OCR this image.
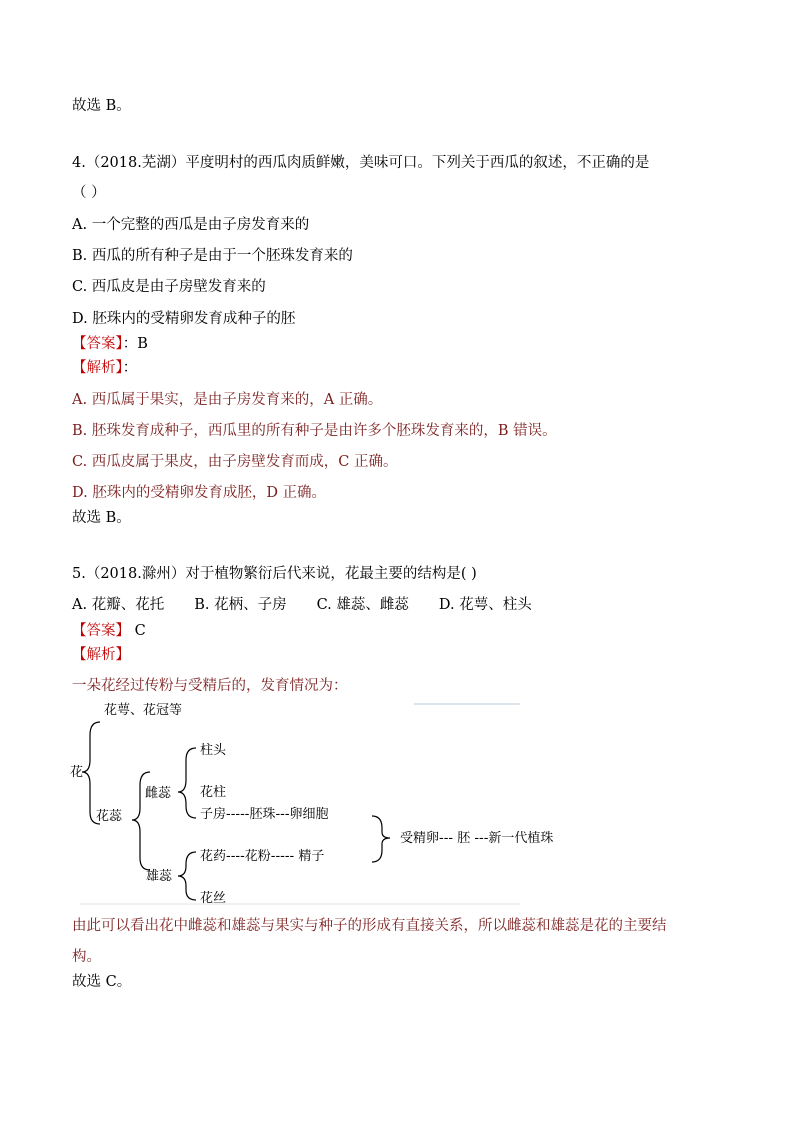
故选 B。
4.（2018.芜湖）平度明村的西瓜肉质鲜嫩，美味可口。下列关于西瓜的叙述，不正确的是
（ ）
A. 一个完整的西瓜是由子房发育来的
B. 西瓜的所有种子是由于一个胚珠发育来的
C. 西瓜皮是由子房壁发育来的
D. 胚珠内的受精卵发育成种子的胚
【答案】：B
【解析】：
A. 西瓜属于果实，是由子房发育来的，A 正确。
B. 胚珠发育成种子，西瓜里的所有种子是由许多个胚珠发育来的，B 错误。
C. 西瓜皮属于果皮，由子房壁发育而成，C 正确。
D. 胚珠内的受精卵发育成胚，D 正确。
故选 B。
5.（2018.滁州）对于植物繁衍后代来说，花最主要的结构是( )
A. 花瓣、花托 B. 花柄、子房 C. 雄蕊、雌蕊 D. 花萼、柱头
【答案】 C
【解析】
一朵花经过传粉与受精后的，发育情况为：
花萼、花冠等
花
花蕊
雌蕊
柱头
花柱
子房-----胚珠---卵细胞
雄蕊
花药----花粉----- 精子
花丝
受精卵--- 胚 ---新一代植珠
由此可以看出花中雌蕊和雄蕊与果实与种子的形成有直接关系，所以雌蕊和雄蕊是花的主要结
构。
故选 C。
